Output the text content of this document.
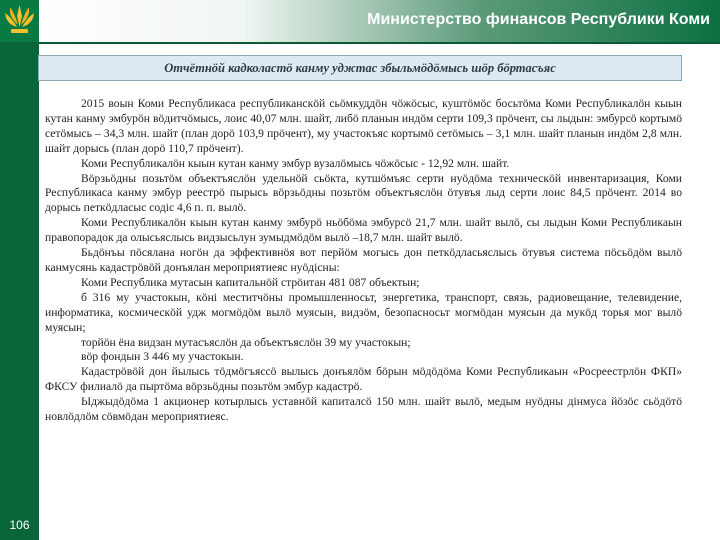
Министерство финансов Республики Коми
Отчётнӧй кадколастӧ канму уджтас збыльмӧдӧмысь шӧр бӧртасъяс

2015 воын Коми Республикаса республиканскӧй сьӧмкуддӧн чӧжӧсыс, куштӧмӧс босьтӧма Коми Республикалӧн кыын кутан канму эмбурӧн вӧдитчӧмысь, лоис 40,07 млн. шайт, либӧ планын индӧм серти 109,3 прӧчент, сы лыдын: эмбурсӧ кортымӧ сетӧмысь – 34,3 млн. шайт (план дорӧ 103,9 прӧчент), му участокъяс кортымӧ сетӧмысь – 3,1 млн. шайт планын индӧм 2,8 млн. шайт дорысь (план дорӧ 110,7 прӧчент).

Коми Республикалӧн кыын кутан канму эмбур вузалӧмысь чӧжӧсыс - 12,92 млн. шайт.

Вӧрзьӧдны позьтӧм объектъяслӧн удельнӧй сьӧкта, кутшӧмъяс серти нуӧдӧма техническӧй инвентаризация, Коми Республикаса канму эмбур реестрӧ пырысь вӧрзьӧдны позьтӧм объектъяслӧн ӧтувъя лыд серти лоис 84,5 прӧчент. 2014 во дорысь петкӧдласыс содіс 4,6 п. п. вылӧ.

Коми Республикалӧн кыын кутан канму эмбурӧ ньӧбӧма эмбурсӧ 21,7 млн. шайт вылӧ, сы лыдын Коми Республикаын правопорадок да олысьяслысь видзысьлун зумыдмӧдӧм вылӧ –18,7 млн. шайт вылӧ.

Бьдӧнъы пӧсялана ногӧн да эффективнӧя вот перйӧм могысь дон петкӧдласьяслысь ӧтувъя система пӧсьӧдӧм вылӧ канмусянь кадастрӧвӧй донъялан мероприятиеяс нуӧдісны:

Коми Республика мутасын капитальнӧй стрӧитан 481 087 объектын;

б 316 му участокын, кӧні меститчӧны промышленносьт, энергетика, транспорт, связь, радиовещание, телевидение, информатика, космическӧй удж могмӧдӧм вылӧ муясын, видзӧм, безопасносьт могмӧдан муясын да мукӧд торья мог вылӧ муясын;

торйӧн ёна видзан мутасъяслӧн да объектъяслӧн 39 му участокын;

вӧр фондын 3 446 му участокын.

Кадастрӧвӧй дон йылысь тӧдмӧгъяссӧ вылысь донъялӧм бӧрын мӧдӧдӧма Коми Республикаын «Росреестрлӧн ФКП» ФКСУ филиалӧ да пыртӧма вӧрзьӧдны позьтӧм эмбур кадастрӧ.

Ыджыдӧдӧма 1 акционер котырлысь уставнӧй капиталсӧ 150 млн. шайт вылӧ, медым нуӧдны дінмуса йӧзӧс сьӧдӧтӧ новлӧдлӧм сӧвмӧдан мероприятиеяс.

106
